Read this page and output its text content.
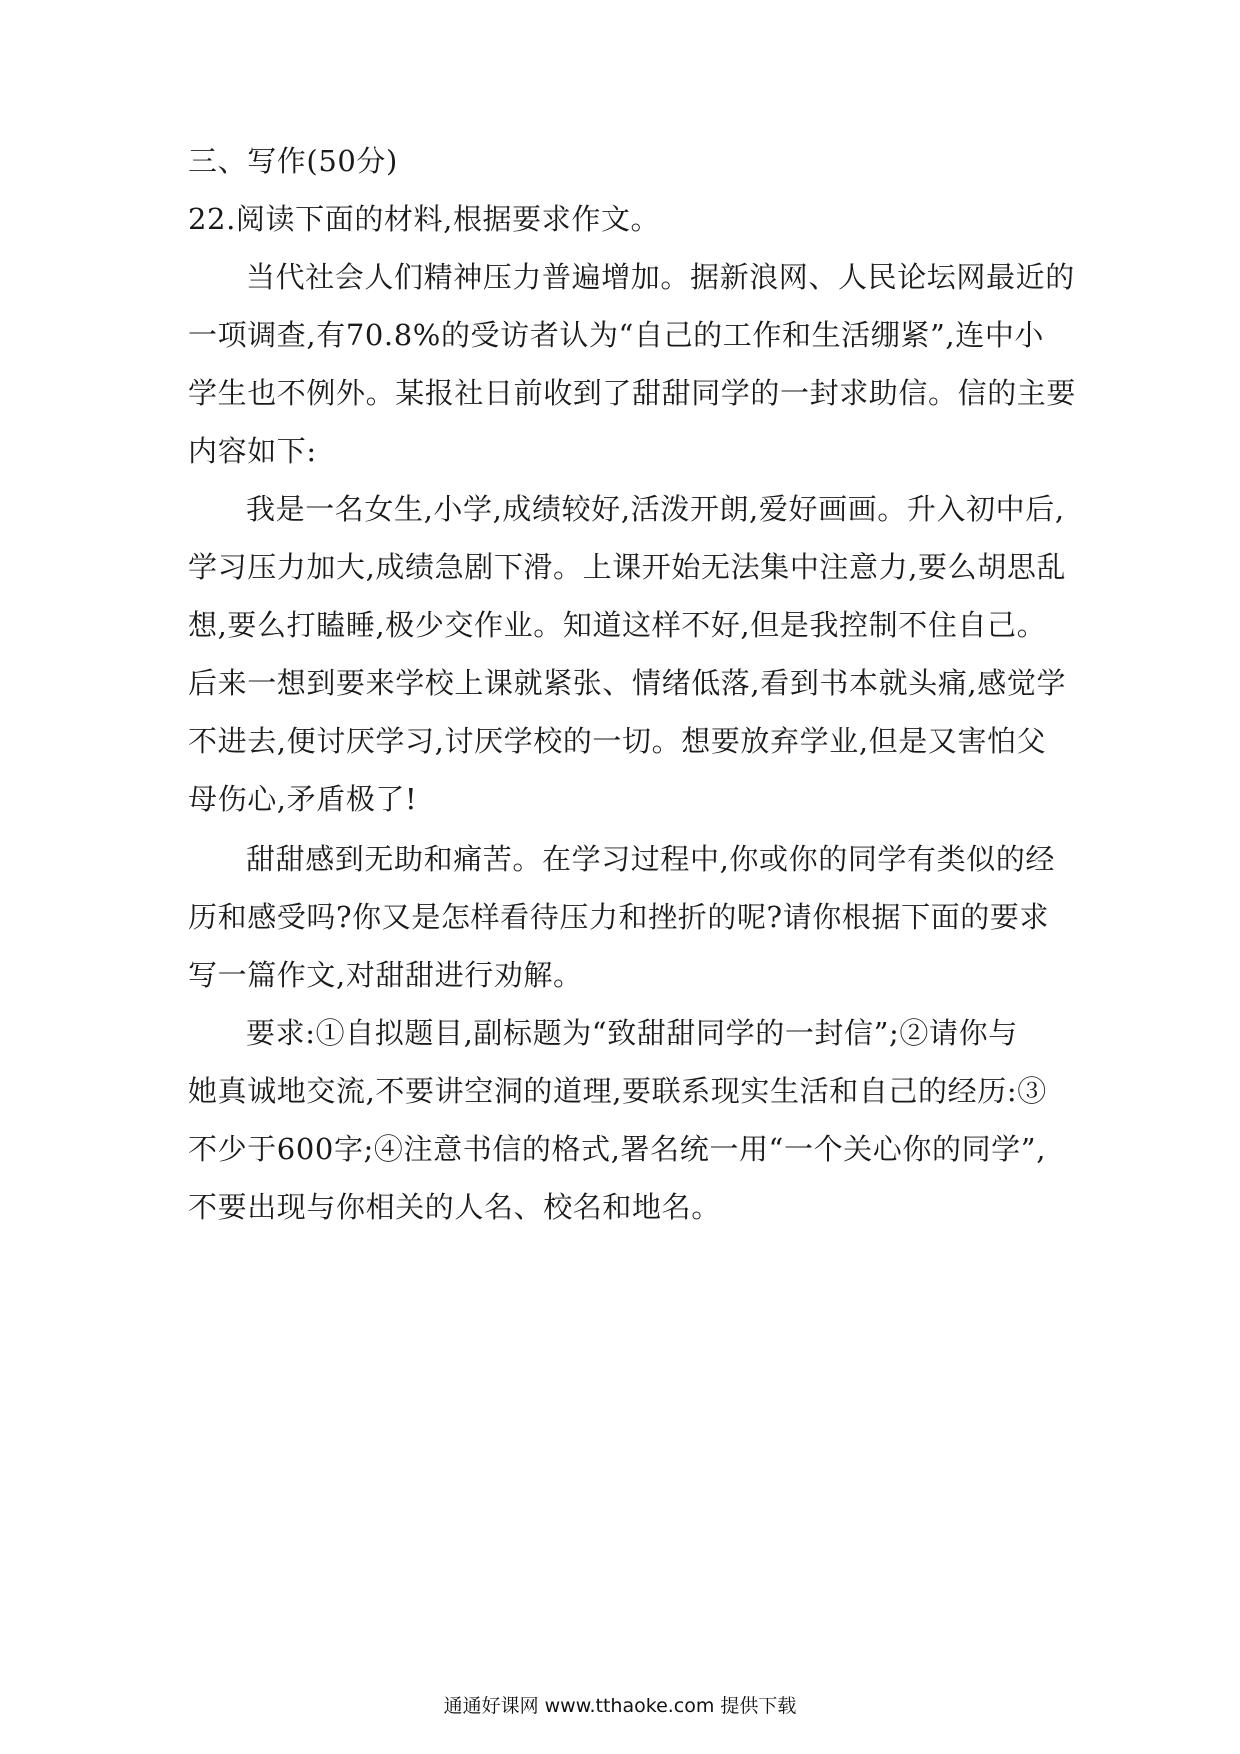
三、写作(50分)

22.阅读下面的材料,根据要求作文。

当代社会人们精神压力普遍增加。据新浪网、人民论坛网最近的

一项调查,有70.8%的受访者认为“自己的工作和生活绷紧”,连中小

学生也不例外。某报社日前收到了甜甜同学的一封求助信。信的主要

内容如下:

我是一名女生,小学,成绩较好,活泼开朗,爱好画画。升入初中后,

学习压力加大,成绩急剧下滑。上课开始无法集中注意力,要么胡思乱

想,要么打瞌睡,极少交作业。知道这样不好,但是我控制不住自己。

后来一想到要来学校上课就紧张、情绪低落,看到书本就头痛,感觉学

不进去,便讨厌学习,讨厌学校的一切。想要放弃学业,但是又害怕父

母伤心,矛盾极了!

甜甜感到无助和痛苦。在学习过程中,你或你的同学有类似的经

历和感受吗?你又是怎样看待压力和挫折的呢?请你根据下面的要求

写一篇作文,对甜甜进行劝解。

要求:①自拟题目,副标题为“致甜甜同学的一封信”;②请你与

她真诚地交流,不要讲空洞的道理,要联系现实生活和自己的经历:③

不少于600字;④注意书信的格式,署名统一用“一个关心你的同学”,

不要出现与你相关的人名、校名和地名。

通通好课网 www.tthaoke.com 提供下载
